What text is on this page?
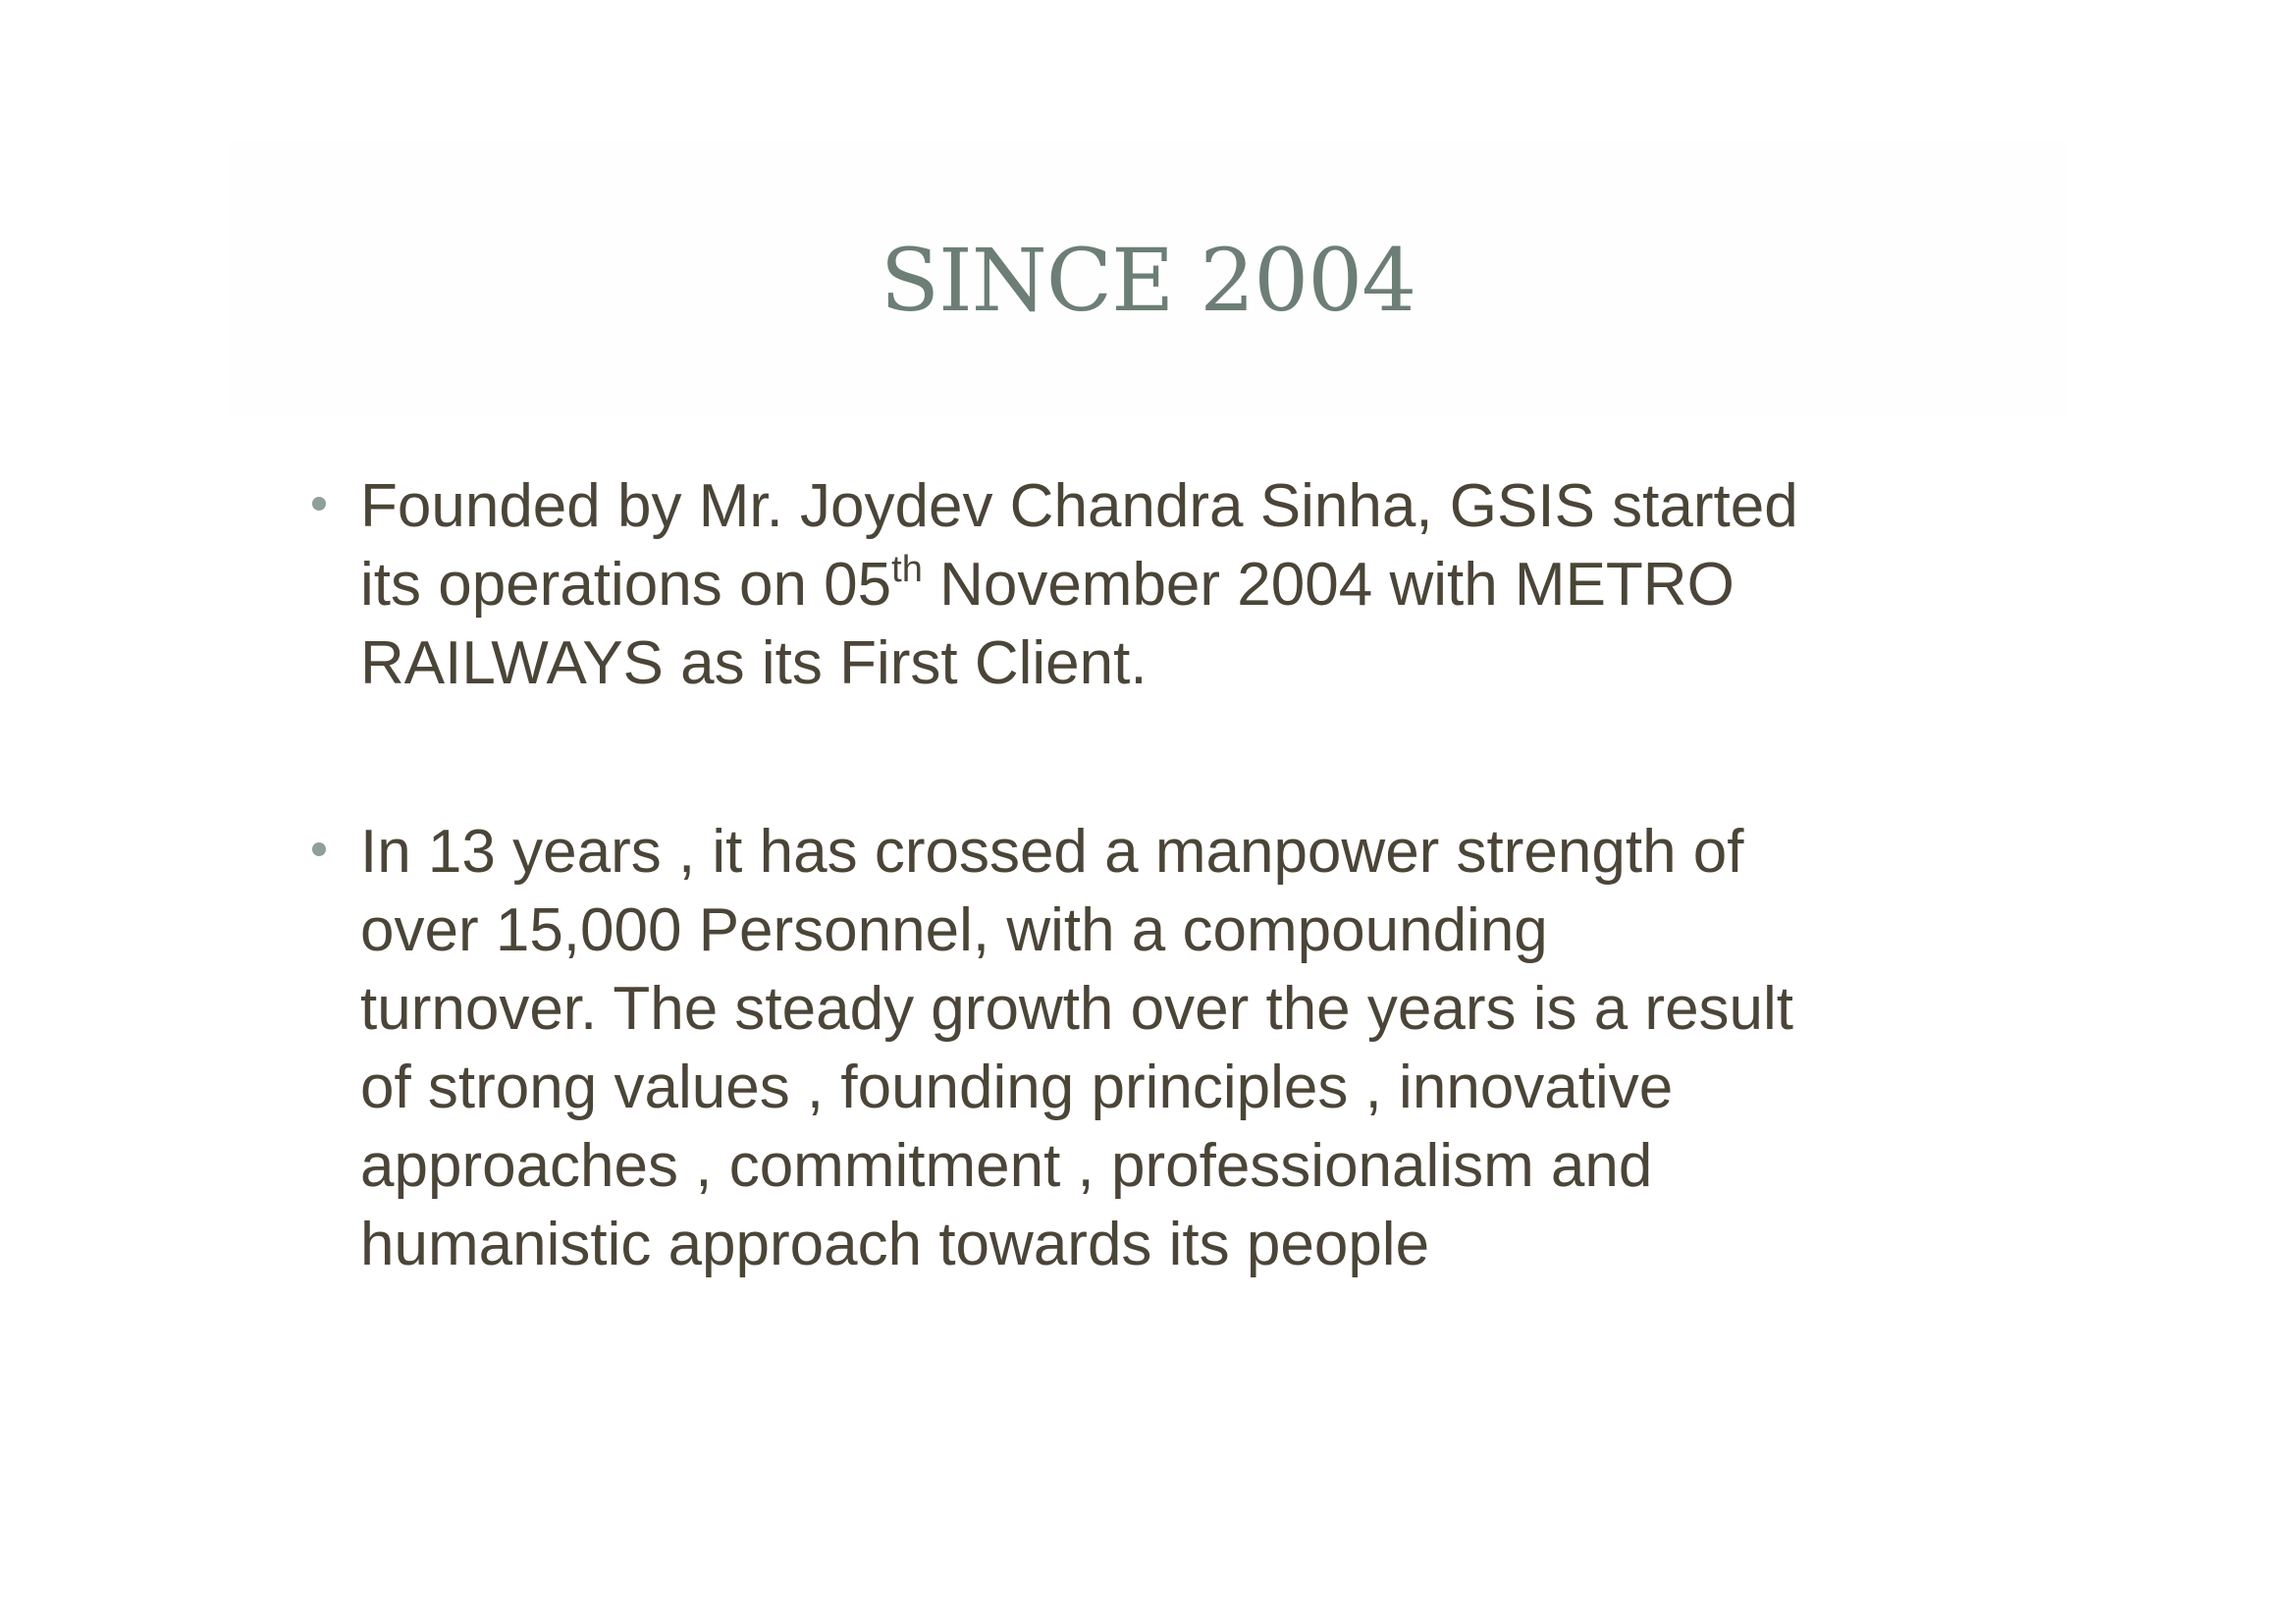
SINCE 2004
Founded by Mr. Joydev Chandra Sinha, GSIS started
its operations on 05th November 2004 with METRO
RAILWAYS as its First Client.
In 13 years , it has crossed a manpower strength of
over 15,000 Personnel, with a compounding
turnover. The steady growth over the years is a result
of strong values , founding principles , innovative
approaches , commitment , professionalism and
humanistic approach towards its people
